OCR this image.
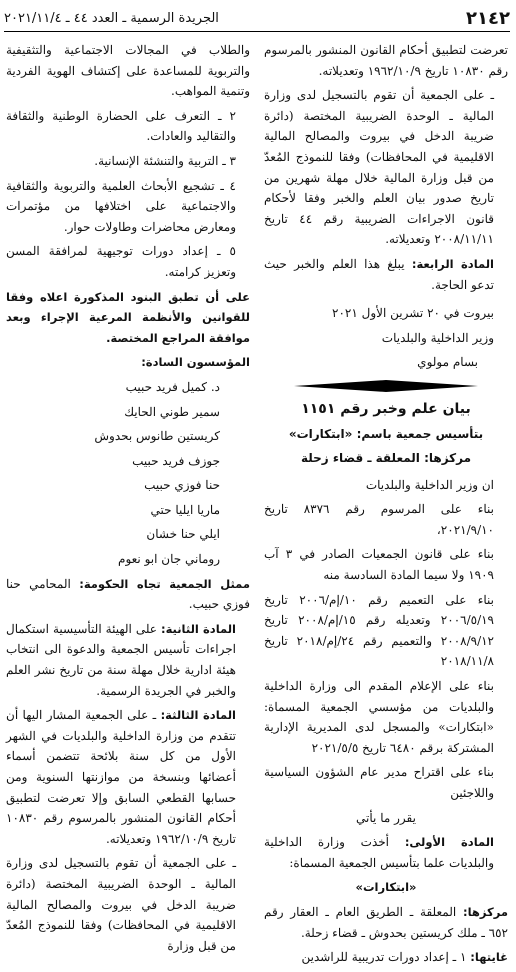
٢١٤٢
الجريدة الرسمية ـ العدد ٤٤ ـ ٢٠٢١/١١/٤

تعرضت لتطبيق أحكام القانون المنشور بالمرسوم رقم ١٠٨٣٠ تاريخ ١٩٦٢/١٠/٩ وتعديلاته.

ـ على الجمعية أن تقوم بالتسجيل لدى وزارة المالية ـ الوحدة الضريبية المختصة (دائرة ضريبة الدخل في بيروت والمصالح المالية الاقليمية في المحافظات) وفقا للنموذج المُعدّ من قبل وزارة المالية خلال مهلة شهرين من تاريخ صدور بيان العلم والخبر وفقا لأحكام قانون الاجراءات الضريبية رقم ٤٤ تاريخ ٢٠٠٨/١١/١١ وتعديلاته.

المادة الرابعة: يبلغ هذا العلم والخبر حيث تدعو الحاجة.

بيروت في ٢٠ تشرين الأول ٢٠٢١

وزير الداخلية والبلديات

بسام مولوي

بيان علم وخبر رقم ١١٥١

بتأسيس جمعية باسم: «ابتكارات»

مركزها: المعلقة ـ قضاء زحلة

ان وزير الداخلية والبلديات

بناء على المرسوم رقم ٨٣٧٦ تاريخ ٢٠٢١/٩/١٠،

بناء على قانون الجمعيات الصادر في ٣ آب ١٩٠٩ ولا سيما المادة السادسة منه

بناء على التعميم رقم ١٠/إم/٢٠٠٦ تاريخ ٢٠٠٦/٥/١٩ وتعديله رقم ١٥/إم/٢٠٠٨ تاريخ ٢٠٠٨/٩/١٢ والتعميم رقم ٢٤/إم/٢٠١٨ تاريخ ٢٠١٨/١١/٨

بناء على الإعلام المقدم الى وزارة الداخلية والبلديات من مؤسسي الجمعية المسماة: «ابتكارات» والمسجل لدى المديرية الإدارية المشتركة برقم ٦٤٨٠ تاريخ ٢٠٢١/٥/٥

بناء على اقتراح مدير عام الشؤون السياسية واللاجئين

يقرر ما يأتي

المادة الأولى: أخذت وزارة الداخلية والبلديات علما بتأسيس الجمعية المسماة:

«ابتكارات»

مركزها: المعلقة ـ الطريق العام ـ العقار رقم ٦٥٢ ـ ملك كريستين بحدوش ـ قضاء زحلة.

غايتها: ١ ـ إعداد دورات تدريبية للراشدين

والطلاب في المجالات الاجتماعية والتثقيفية والتربوية للمساعدة على إكتشاف الهوية الفردية وتنمية المواهب.

٢ ـ التعرف على الحضارة الوطنية والثقافة والتقاليد والعادات.

٣ ـ التربية والتنشئة الإنسانية.

٤ ـ تشجيع الأبحاث العلمية والتربوية والثقافية والاجتماعية على اختلافها من مؤتمرات ومعارض محاضرات وطاولات حوار.

٥ ـ إعداد دورات توجيهية لمرافقة المسن وتعزيز كرامته.

على أن تطبق البنود المذكورة اعلاه وفقا للقوانين والأنظمة المرعية الإجراء وبعد موافقة المراجع المختصة.

المؤسسون السادة:

د. كميل فريد حبيب

سمير طوني الحايك

كريستين طانوس بحدوش

جوزف فريد حبيب

حنا فوزي حبيب

ماريا ايليا حتي

ايلي حنا خشان

روماني جان ابو نعوم

ممثل الجمعية تجاه الحكومة: المحامي حنا فوزي حبيب.

المادة الثانية: على الهيئة التأسيسية استكمال اجراءات تأسيس الجمعية والدعوة الى انتخاب هيئة ادارية خلال مهلة سنة من تاريخ نشر العلم والخبر في الجريدة الرسمية.

المادة الثالثة: ـ على الجمعية المشار اليها أن تتقدم من وزارة الداخلية والبلديات في الشهر الأول من كل سنة بلائحة تتضمن أسماء أعضائها وبنسخة من موازنتها السنوية ومن حسابها القطعي السابق وإلا تعرضت لتطبيق أحكام القانون المنشور بالمرسوم رقم ١٠٨٣٠ تاريخ ١٩٦٢/١٠/٩ وتعديلاته.

ـ على الجمعية أن تقوم بالتسجيل لدى وزارة المالية ـ الوحدة الضريبية المختصة (دائرة ضريبة الدخل في بيروت والمصالح المالية الاقليمية في المحافظات) وفقا للنموذج المُعدّ من قبل وزارة
